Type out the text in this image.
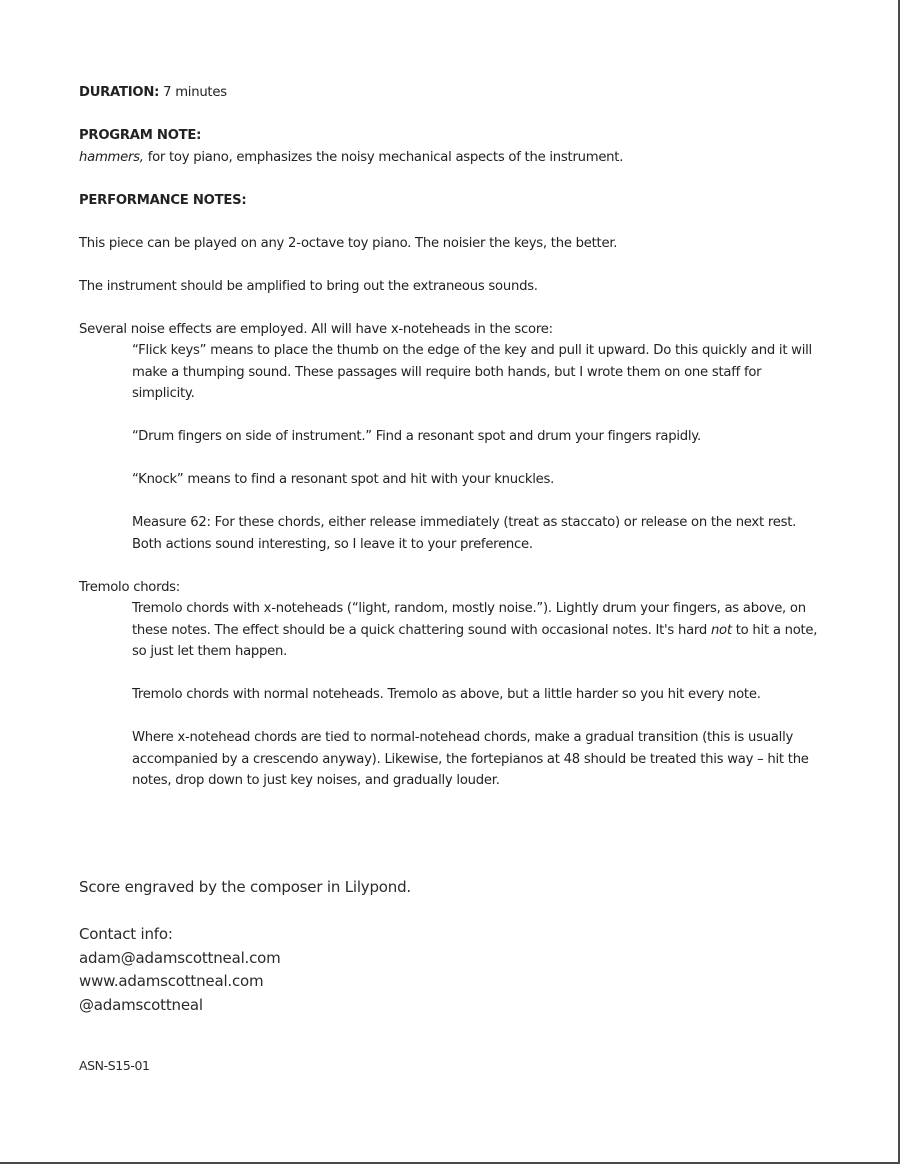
DURATION: 7 minutes

PROGRAM NOTE:

hammers, for toy piano, emphasizes the noisy mechanical aspects of the instrument.

PERFORMANCE NOTES:

This piece can be played on any 2-octave toy piano. The noisier the keys, the better.

The instrument should be amplified to bring out the extraneous sounds.

Several noise effects are employed. All will have x-noteheads in the score:

“Flick keys” means to place the thumb on the edge of the key and pull it upward. Do this quickly and it will make a thumping sound. These passages will require both hands, but I wrote them on one staff for simplicity.

“Drum fingers on side of instrument.” Find a resonant spot and drum your fingers rapidly.

“Knock” means to find a resonant spot and hit with your knuckles.

Measure 62: For these chords, either release immediately (treat as staccato) or release on the next rest. Both actions sound interesting, so I leave it to your preference.

Tremolo chords:

Tremolo chords with x-noteheads (“light, random, mostly noise.”). Lightly drum your fingers, as above, on these notes. The effect should be a quick chattering sound with occasional notes. It's hard not to hit a note, so just let them happen.

Tremolo chords with normal noteheads. Tremolo as above, but a little harder so you hit every note.

Where x-notehead chords are tied to normal-notehead chords, make a gradual transition (this is usually accompanied by a crescendo anyway). Likewise, the fortepianos at 48 should be treated this way – hit the notes, drop down to just key noises, and gradually louder.

Score engraved by the composer in Lilypond.

Contact info:

adam@adamscottneal.com

www.adamscottneal.com

@adamscottneal

ASN-S15-01
